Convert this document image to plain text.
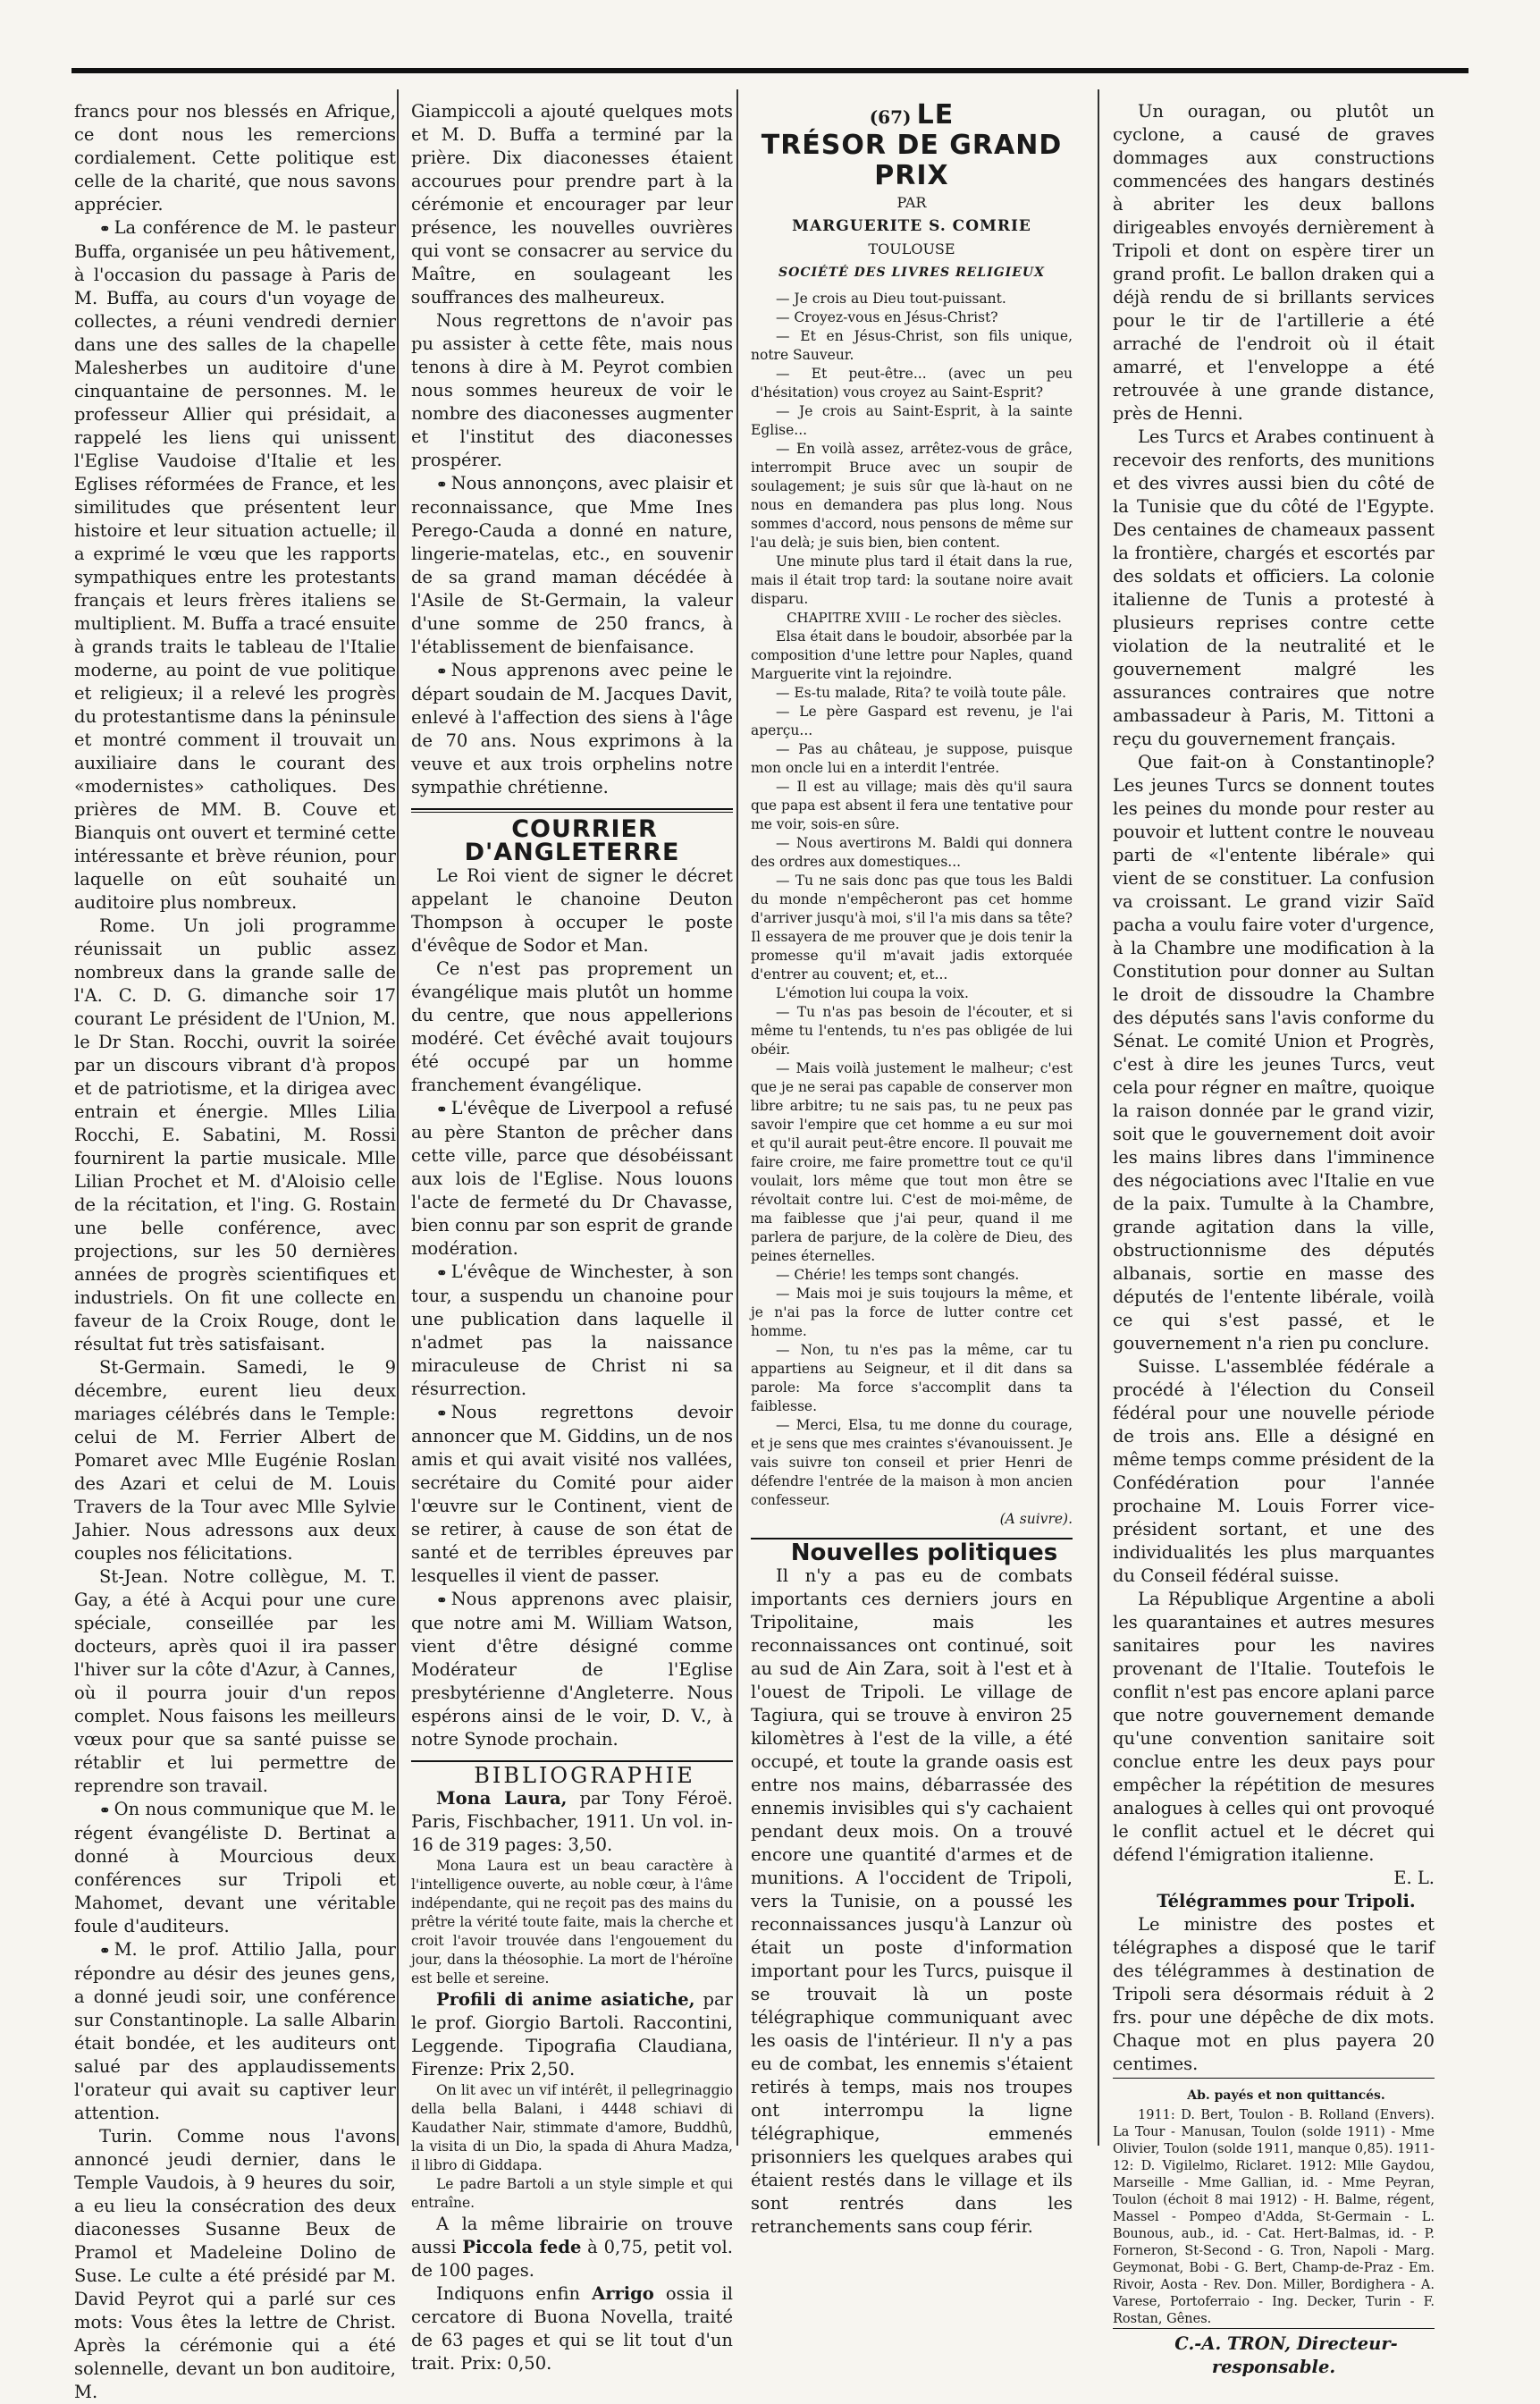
francs pour nos blessés en Afrique, ce dont nous les remercions cordialement. Cette politique est celle de la charité, que nous savons apprécier.

⚭ La conférence de M. le pasteur Buffa, organisée un peu hâtivement, à l'occasion du passage à Paris de M. Buffa, au cours d'un voyage de collectes, a réuni vendredi dernier dans une des salles de la chapelle Malesherbes un auditoire d'une cinquantaine de personnes. M. le professeur Allier qui présidait, a rappelé les liens qui unissent l'Eglise Vaudoise d'Italie et les Eglises réformées de France, et les similitudes que présentent leur histoire et leur situation actuelle; il a exprimé le vœu que les rapports sympathiques entre les protestants français et leurs frères italiens se multiplient. M. Buffa a tracé ensuite à grands traits le tableau de l'Italie moderne, au point de vue politique et religieux; il a relevé les progrès du protestantisme dans la péninsule et montré comment il trouvait un auxiliaire dans le courant des «modernistes» catholiques. Des prières de MM. B. Couve et Bianquis ont ouvert et terminé cette intéressante et brève réunion, pour laquelle on eût souhaité un auditoire plus nombreux.

Rome. Un joli programme réunissait un public assez nombreux dans la grande salle de l'A. C. D. G. dimanche soir 17 courant Le président de l'Union, M. le Dr Stan. Rocchi, ouvrit la soirée par un discours vibrant d'à propos et de patriotisme, et la dirigea avec entrain et énergie. Mlles Lilia Rocchi, E. Sabatini, M. Rossi fournirent la partie musicale. Mlle Lilian Prochet et M. d'Aloisio celle de la récitation, et l'ing. G. Rostain une belle conférence, avec projections, sur les 50 dernières années de progrès scientifiques et industriels. On fit une collecte en faveur de la Croix Rouge, dont le résultat fut très satisfaisant.

St-Germain. Samedi, le 9 décembre, eurent lieu deux mariages célébrés dans le Temple: celui de M. Ferrier Albert de Pomaret avec Mlle Eugénie Roslan des Azari et celui de M. Louis Travers de la Tour avec Mlle Sylvie Jahier. Nous adressons aux deux couples nos félicitations.

St-Jean. Notre collègue, M. T. Gay, a été à Acqui pour une cure spéciale, conseillée par les docteurs, après quoi il ira passer l'hiver sur la côte d'Azur, à Cannes, où il pourra jouir d'un repos complet. Nous faisons les meilleurs vœux pour que sa santé puisse se rétablir et lui permettre de reprendre son travail.

⚭ On nous communique que M. le régent évangéliste D. Bertinat a donné à Mourcious deux conférences sur Tripoli et Mahomet, devant une véritable foule d'auditeurs.

⚭ M. le prof. Attilio Jalla, pour répondre au désir des jeunes gens, a donné jeudi soir, une conférence sur Constantinople. La salle Albarin était bondée, et les auditeurs ont salué par des applaudissements l'orateur qui avait su captiver leur attention.

Turin. Comme nous l'avons annoncé jeudi dernier, dans le Temple Vaudois, à 9 heures du soir, a eu lieu la consécration des deux diaconesses Susanne Beux de Pramol et Madeleine Dolino de Suse. Le culte a été présidé par M. David Peyrot qui a parlé sur ces mots: Vous êtes la lettre de Christ. Après la cérémonie qui a été solennelle, devant un bon auditoire, M.

Giampiccoli a ajouté quelques mots et M. D. Buffa a terminé par la prière. Dix diaconesses étaient accourues pour prendre part à la cérémonie et encourager par leur présence, les nouvelles ouvrières qui vont se consacrer au service du Maître, en soulageant les souffrances des malheureux.

Nous regrettons de n'avoir pas pu assister à cette fête, mais nous tenons à dire à M. Peyrot combien nous sommes heureux de voir le nombre des diaconesses augmenter et l'institut des diaconesses prospérer.

⚭ Nous annonçons, avec plaisir et reconnaissance, que Mme Ines Perego-Cauda a donné en nature, lingerie-matelas, etc., en souvenir de sa grand maman décédée à l'Asile de St-Germain, la valeur d'une somme de 250 francs, à l'établissement de bienfaisance.

⚭ Nous apprenons avec peine le départ soudain de M. Jacques Davit, enlevé à l'affection des siens à l'âge de 70 ans. Nous exprimons à la veuve et aux trois orphelins notre sympathie chrétienne.

COURRIER D'ANGLETERRE

Le Roi vient de signer le décret appelant le chanoine Deuton Thompson à occuper le poste d'évêque de Sodor et Man.

Ce n'est pas proprement un évangélique mais plutôt un homme du centre, que nous appellerions modéré. Cet évêché avait toujours été occupé par un homme franchement évangélique.

⚭ L'évêque de Liverpool a refusé au père Stanton de prêcher dans cette ville, parce que désobéissant aux lois de l'Eglise. Nous louons l'acte de fermeté du Dr Chavasse, bien connu par son esprit de grande modération.

⚭ L'évêque de Winchester, à son tour, a suspendu un chanoine pour une publication dans laquelle il n'admet pas la naissance miraculeuse de Christ ni sa résurrection.

⚭ Nous regrettons devoir annoncer que M. Giddins, un de nos amis et qui avait visité nos vallées, secrétaire du Comité pour aider l'œuvre sur le Continent, vient de se retirer, à cause de son état de santé et de terribles épreuves par lesquelles il vient de passer.

⚭ Nous apprenons avec plaisir, que notre ami M. William Watson, vient d'être désigné comme Modérateur de l'Eglise presbytérienne d'Angleterre. Nous espérons ainsi de le voir, D. V., à notre Synode prochain.

BIBLIOGRAPHIE

Mona Laura, par Tony Féroë. Paris, Fischbacher, 1911. Un vol. in-16 de 319 pages: 3,50.

Mona Laura est un beau caractère à l'intelligence ouverte, au noble cœur, à l'âme indépendante, qui ne reçoit pas des mains du prêtre la vérité toute faite, mais la cherche et croit l'avoir trouvée dans l'engouement du jour, dans la théosophie. La mort de l'héroïne est belle et sereine.

Profili di anime asiatiche, par le prof. Giorgio Bartoli. Raccontini, Leggende. Tipografia Claudiana, Firenze: Prix 2,50.

On lit avec un vif intérêt, il pellegrinaggio della bella Balani, i 4448 schiavi di Kaudather Nair, stimmate d'amore, Buddhû, la visita di un Dio, la spada di Ahura Madza, il libro di Giddapa.

Le padre Bartoli a un style simple et qui entraîne.

A la même librairie on trouve aussi Piccola fede à 0,75, petit vol. de 100 pages.

Indiquons enfin Arrigo ossia il cercatore di Buona Novella, traité de 63 pages et qui se lit tout d'un trait. Prix: 0,50.

(67) LE
TRÉSOR DE GRAND PRIX
PAR
MARGUERITE S. COMRIE
TOULOUSE
SOCIÉTÉ DES LIVRES RELIGIEUX

— Je crois au Dieu tout-puissant.

— Croyez-vous en Jésus-Christ?

— Et en Jésus-Christ, son fils unique, notre Sauveur.

— Et peut-être... (avec un peu d'hésitation) vous croyez au Saint-Esprit?

— Je crois au Saint-Esprit, à la sainte Eglise...

— En voilà assez, arrêtez-vous de grâce, interrompit Bruce avec un soupir de soulagement; je suis sûr que là-haut on ne nous en demandera pas plus long. Nous sommes d'accord, nous pensons de même sur l'au delà; je suis bien, bien content.

Une minute plus tard il était dans la rue, mais il était trop tard: la soutane noire avait disparu.

CHAPITRE XVIII - Le rocher des siècles.

Elsa était dans le boudoir, absorbée par la composition d'une lettre pour Naples, quand Marguerite vint la rejoindre.

— Es-tu malade, Rita? te voilà toute pâle.

— Le père Gaspard est revenu, je l'ai aperçu...

— Pas au château, je suppose, puisque mon oncle lui en a interdit l'entrée.

— Il est au village; mais dès qu'il saura que papa est absent il fera une tentative pour me voir, sois-en sûre.

— Nous avertirons M. Baldi qui donnera des ordres aux domestiques...

— Tu ne sais donc pas que tous les Baldi du monde n'empêcheront pas cet homme d'arriver jusqu'à moi, s'il l'a mis dans sa tête? Il essayera de me prouver que je dois tenir la promesse qu'il m'avait jadis extorquée d'entrer au couvent; et, et...

L'émotion lui coupa la voix.

— Tu n'as pas besoin de l'écouter, et si même tu l'entends, tu n'es pas obligée de lui obéir.

— Mais voilà justement le malheur; c'est que je ne serai pas capable de conserver mon libre arbitre; tu ne sais pas, tu ne peux pas savoir l'empire que cet homme a eu sur moi et qu'il aurait peut-être encore. Il pouvait me faire croire, me faire promettre tout ce qu'il voulait, lors même que tout mon être se révoltait contre lui. C'est de moi-même, de ma faiblesse que j'ai peur, quand il me parlera de parjure, de la colère de Dieu, des peines éternelles.

— Chérie! les temps sont changés.

— Mais moi je suis toujours la même, et je n'ai pas la force de lutter contre cet homme.

— Non, tu n'es pas la même, car tu appartiens au Seigneur, et il dit dans sa parole: Ma force s'accomplit dans ta faiblesse.

— Merci, Elsa, tu me donne du courage, et je sens que mes craintes s'évanouissent. Je vais suivre ton conseil et prier Henri de défendre l'entrée de la maison à mon ancien confesseur.

(A suivre).

Nouvelles politiques

Il n'y a pas eu de combats importants ces derniers jours en Tripolitaine, mais les reconnaissances ont continué, soit au sud de Ain Zara, soit à l'est et à l'ouest de Tripoli. Le village de Tagiura, qui se trouve à environ 25 kilomètres à l'est de la ville, a été occupé, et toute la grande oasis est entre nos mains, débarrassée des ennemis invisibles qui s'y cachaient pendant deux mois. On a trouvé encore une quantité d'armes et de munitions. A l'occident de Tripoli, vers la Tunisie, on a poussé les reconnaissances jusqu'à Lanzur où était un poste d'information important pour les Turcs, puisque il se trouvait là un poste télégraphique communiquant avec les oasis de l'intérieur. Il n'y a pas eu de combat, les ennemis s'étaient retirés à temps, mais nos troupes ont interrompu la ligne télégraphique, emmenés prisonniers les quelques arabes qui étaient restés dans le village et ils sont rentrés dans les retranchements sans coup férir.

Un ouragan, ou plutôt un cyclone, a causé de graves dommages aux constructions commencées des hangars destinés à abriter les deux ballons dirigeables envoyés dernièrement à Tripoli et dont on espère tirer un grand profit. Le ballon draken qui a déjà rendu de si brillants services pour le tir de l'artillerie a été arraché de l'endroit où il était amarré, et l'enveloppe a été retrouvée à une grande distance, près de Henni.

Les Turcs et Arabes continuent à recevoir des renforts, des munitions et des vivres aussi bien du côté de la Tunisie que du côté de l'Egypte. Des centaines de chameaux passent la frontière, chargés et escortés par des soldats et officiers. La colonie italienne de Tunis a protesté à plusieurs reprises contre cette violation de la neutralité et le gouvernement malgré les assurances contraires que notre ambassadeur à Paris, M. Tittoni a reçu du gouvernement français.

Que fait-on à Constantinople? Les jeunes Turcs se donnent toutes les peines du monde pour rester au pouvoir et luttent contre le nouveau parti de «l'entente libérale» qui vient de se constituer. La confusion va croissant. Le grand vizir Saïd pacha a voulu faire voter d'urgence, à la Chambre une modification à la Constitution pour donner au Sultan le droit de dissoudre la Chambre des députés sans l'avis conforme du Sénat. Le comité Union et Progrès, c'est à dire les jeunes Turcs, veut cela pour régner en maître, quoique la raison donnée par le grand vizir, soit que le gouvernement doit avoir les mains libres dans l'imminence des négociations avec l'Italie en vue de la paix. Tumulte à la Chambre, grande agitation dans la ville, obstructionnisme des députés albanais, sortie en masse des députés de l'entente libérale, voilà ce qui s'est passé, et le gouvernement n'a rien pu conclure.

Suisse. L'assemblée fédérale a procédé à l'élection du Conseil fédéral pour une nouvelle période de trois ans. Elle a désigné en même temps comme président de la Confédération pour l'année prochaine M. Louis Forrer vice-président sortant, et une des individualités les plus marquantes du Conseil fédéral suisse.

La République Argentine a aboli les quarantaines et autres mesures sanitaires pour les navires provenant de l'Italie. Toutefois le conflit n'est pas encore aplani parce que notre gouvernement demande qu'une convention sanitaire soit conclue entre les deux pays pour empêcher la répétition de mesures analogues à celles qui ont provoqué le conflit actuel et le décret qui défend l'émigration italienne.

E. L.

Télégrammes pour Tripoli.

Le ministre des postes et télégraphes a disposé que le tarif des télégrammes à destination de Tripoli sera désormais réduit à 2 frs. pour une dépêche de dix mots. Chaque mot en plus payera 20 centimes.

Ab. payés et non quittancés.

1911: D. Bert, Toulon - B. Rolland (Envers). La Tour - Manusan, Toulon (solde 1911) - Mme Olivier, Toulon (solde 1911, manque 0,85). 1911-12: D. Vigilelmo, Riclaret. 1912: Mlle Gaydou, Marseille - Mme Gallian, id. - Mme Peyran, Toulon (échoit 8 mai 1912) - H. Balme, régent, Massel - Pompeo d'Adda, St-Germain - L. Bounous, aub., id. - Cat. Hert-Balmas, id. - P. Forneron, St-Second - G. Tron, Napoli - Marg. Geymonat, Bobi - G. Bert, Champ-de-Praz - Em. Rivoir, Aosta - Rev. Don. Miller, Bordighera - A. Varese, Portoferraio - Ing. Decker, Turin - F. Rostan, Gênes.

C.-A. TRON, Directeur-responsable.
